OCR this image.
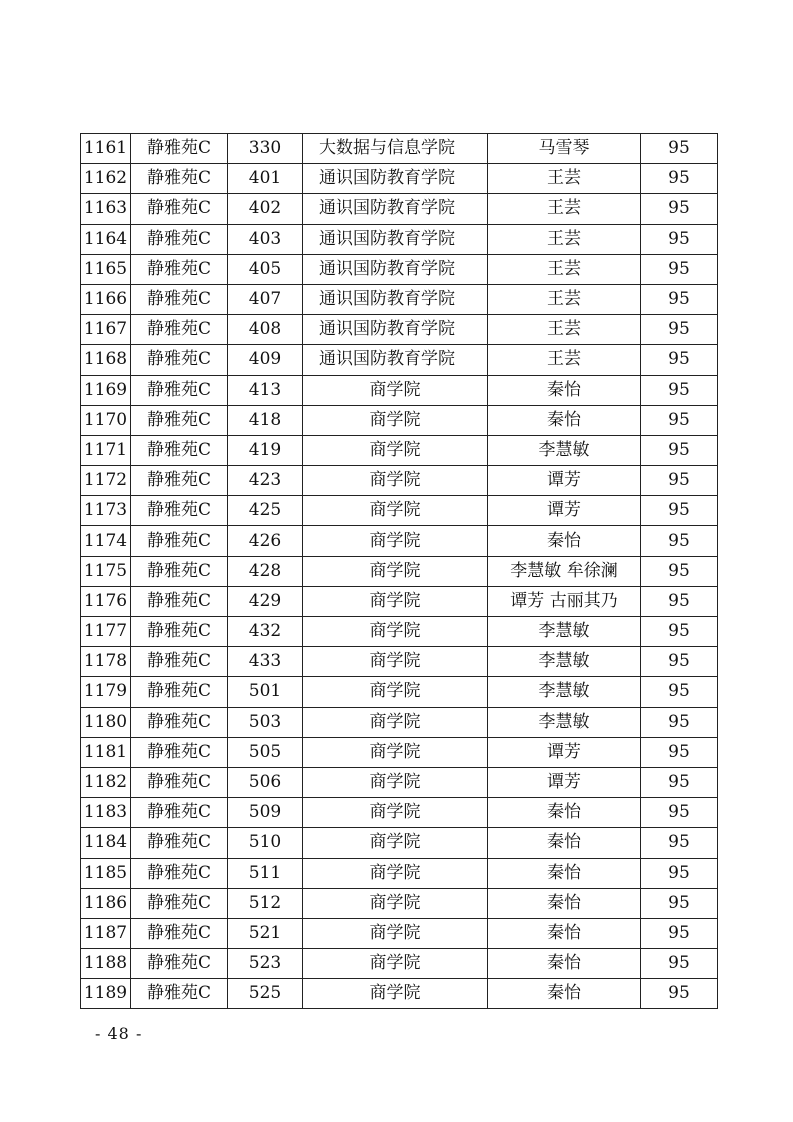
1161	静雅苑C	330	大数据与信息学院	马雪琴	95
1162	静雅苑C	401	通识国防教育学院	王芸	95
1163	静雅苑C	402	通识国防教育学院	王芸	95
1164	静雅苑C	403	通识国防教育学院	王芸	95
1165	静雅苑C	405	通识国防教育学院	王芸	95
1166	静雅苑C	407	通识国防教育学院	王芸	95
1167	静雅苑C	408	通识国防教育学院	王芸	95
1168	静雅苑C	409	通识国防教育学院	王芸	95
1169	静雅苑C	413	商学院	秦怡	95
1170	静雅苑C	418	商学院	秦怡	95
1171	静雅苑C	419	商学院	李慧敏	95
1172	静雅苑C	423	商学院	谭芳	95
1173	静雅苑C	425	商学院	谭芳	95
1174	静雅苑C	426	商学院	秦怡	95
1175	静雅苑C	428	商学院	李慧敏 牟徐澜	95
1176	静雅苑C	429	商学院	谭芳 古丽其乃	95
1177	静雅苑C	432	商学院	李慧敏	95
1178	静雅苑C	433	商学院	李慧敏	95
1179	静雅苑C	501	商学院	李慧敏	95
1180	静雅苑C	503	商学院	李慧敏	95
1181	静雅苑C	505	商学院	谭芳	95
1182	静雅苑C	506	商学院	谭芳	95
1183	静雅苑C	509	商学院	秦怡	95
1184	静雅苑C	510	商学院	秦怡	95
1185	静雅苑C	511	商学院	秦怡	95
1186	静雅苑C	512	商学院	秦怡	95
1187	静雅苑C	521	商学院	秦怡	95
1188	静雅苑C	523	商学院	秦怡	95
1189	静雅苑C	525	商学院	秦怡	95
- 48 -
